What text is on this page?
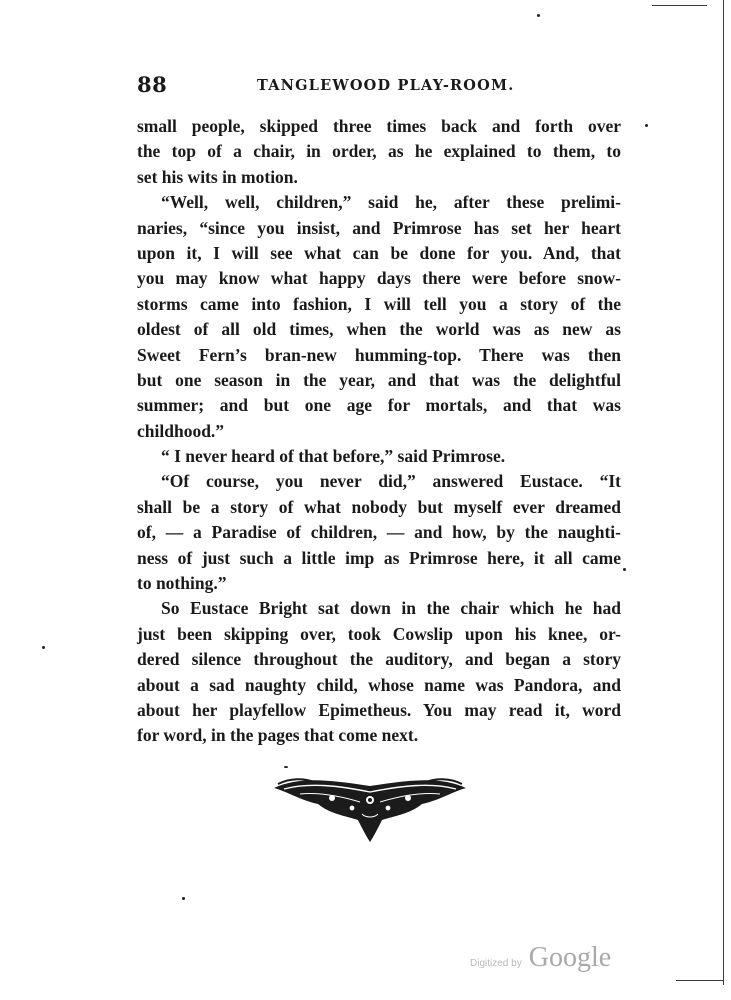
88	TANGLEWOOD PLAY-ROOM.
small people, skipped three times back and forth over
the top of a chair, in order, as he explained to them, to
set his wits in motion.
“Well, well, children,” said he, after these prelimi-
naries, “since you insist, and Primrose has set her heart
upon it, I will see what can be done for you. And, that
you may know what happy days there were before snow-
storms came into fashion, I will tell you a story of the
oldest of all old times, when the world was as new as
Sweet Fern’s bran-new humming-top. There was then
but one season in the year, and that was the delightful
summer; and but one age for mortals, and that was
childhood.”
“ I never heard of that before,” said Primrose.
“Of course, you never did,” answered Eustace. “It
shall be a story of what nobody but myself ever dreamed
of, — a Paradise of children, — and how, by the naughti-
ness of just such a little imp as Primrose here, it all came
to nothing.”
So Eustace Bright sat down in the chair which he had
just been skipping over, took Cowslip upon his knee, or-
dered silence throughout the auditory, and began a story
about a sad naughty child, whose name was Pandora, and
about her playfellow Epimetheus. You may read it, word
for word, in the pages that come next.
Digitized by Google
